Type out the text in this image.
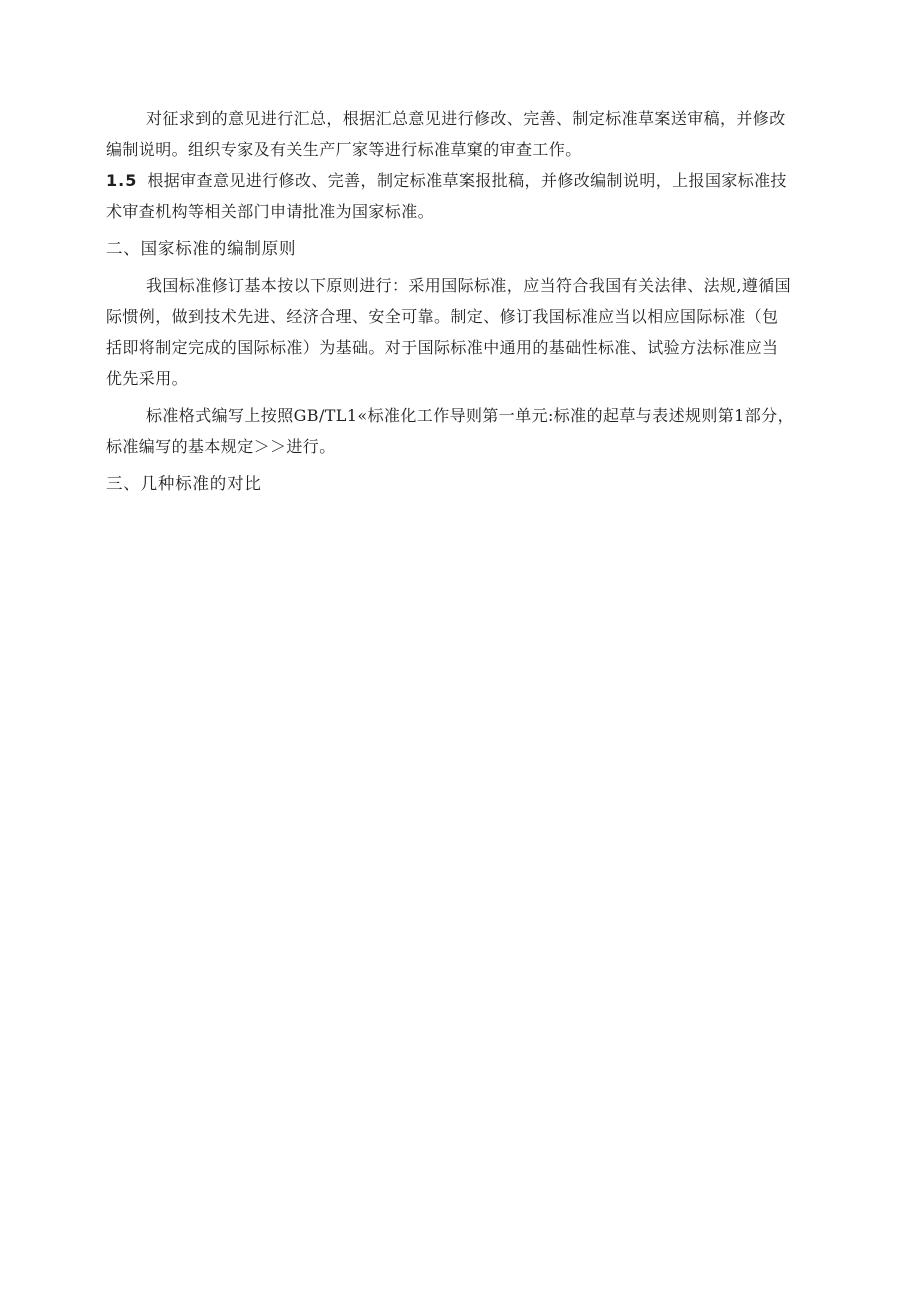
对征求到的意见进行汇总，根据汇总意见进行修改、完善、制定标准草案送审稿，并修改
编制说明。组织专家及有关生产厂家等进行标准草窠的审查工作。
1.5 根据审查意见进行修改、完善，制定标准草案报批稿，并修改编制说明，上报国家标准技
术审查机构等相关部门申请批准为国家标准。
二、国家标准的编制原则
我国标准修订基本按以下原则进行：采用国际标准，应当符合我国有关法律、法规,遵循国
际惯例，做到技术先进、经济合理、安全可靠。制定、修订我国标准应当以相应国际标准（包
括即将制定完成的国际标准）为基础。对于国际标准中通用的基础性标准、试验方法标准应当
优先采用。
标准格式编写上按照GB/TL1«标准化工作导则第一单元:标准的起草与表述规则第1部分，
标准编写的基本规定＞＞进行。
三、几种标准的对比
